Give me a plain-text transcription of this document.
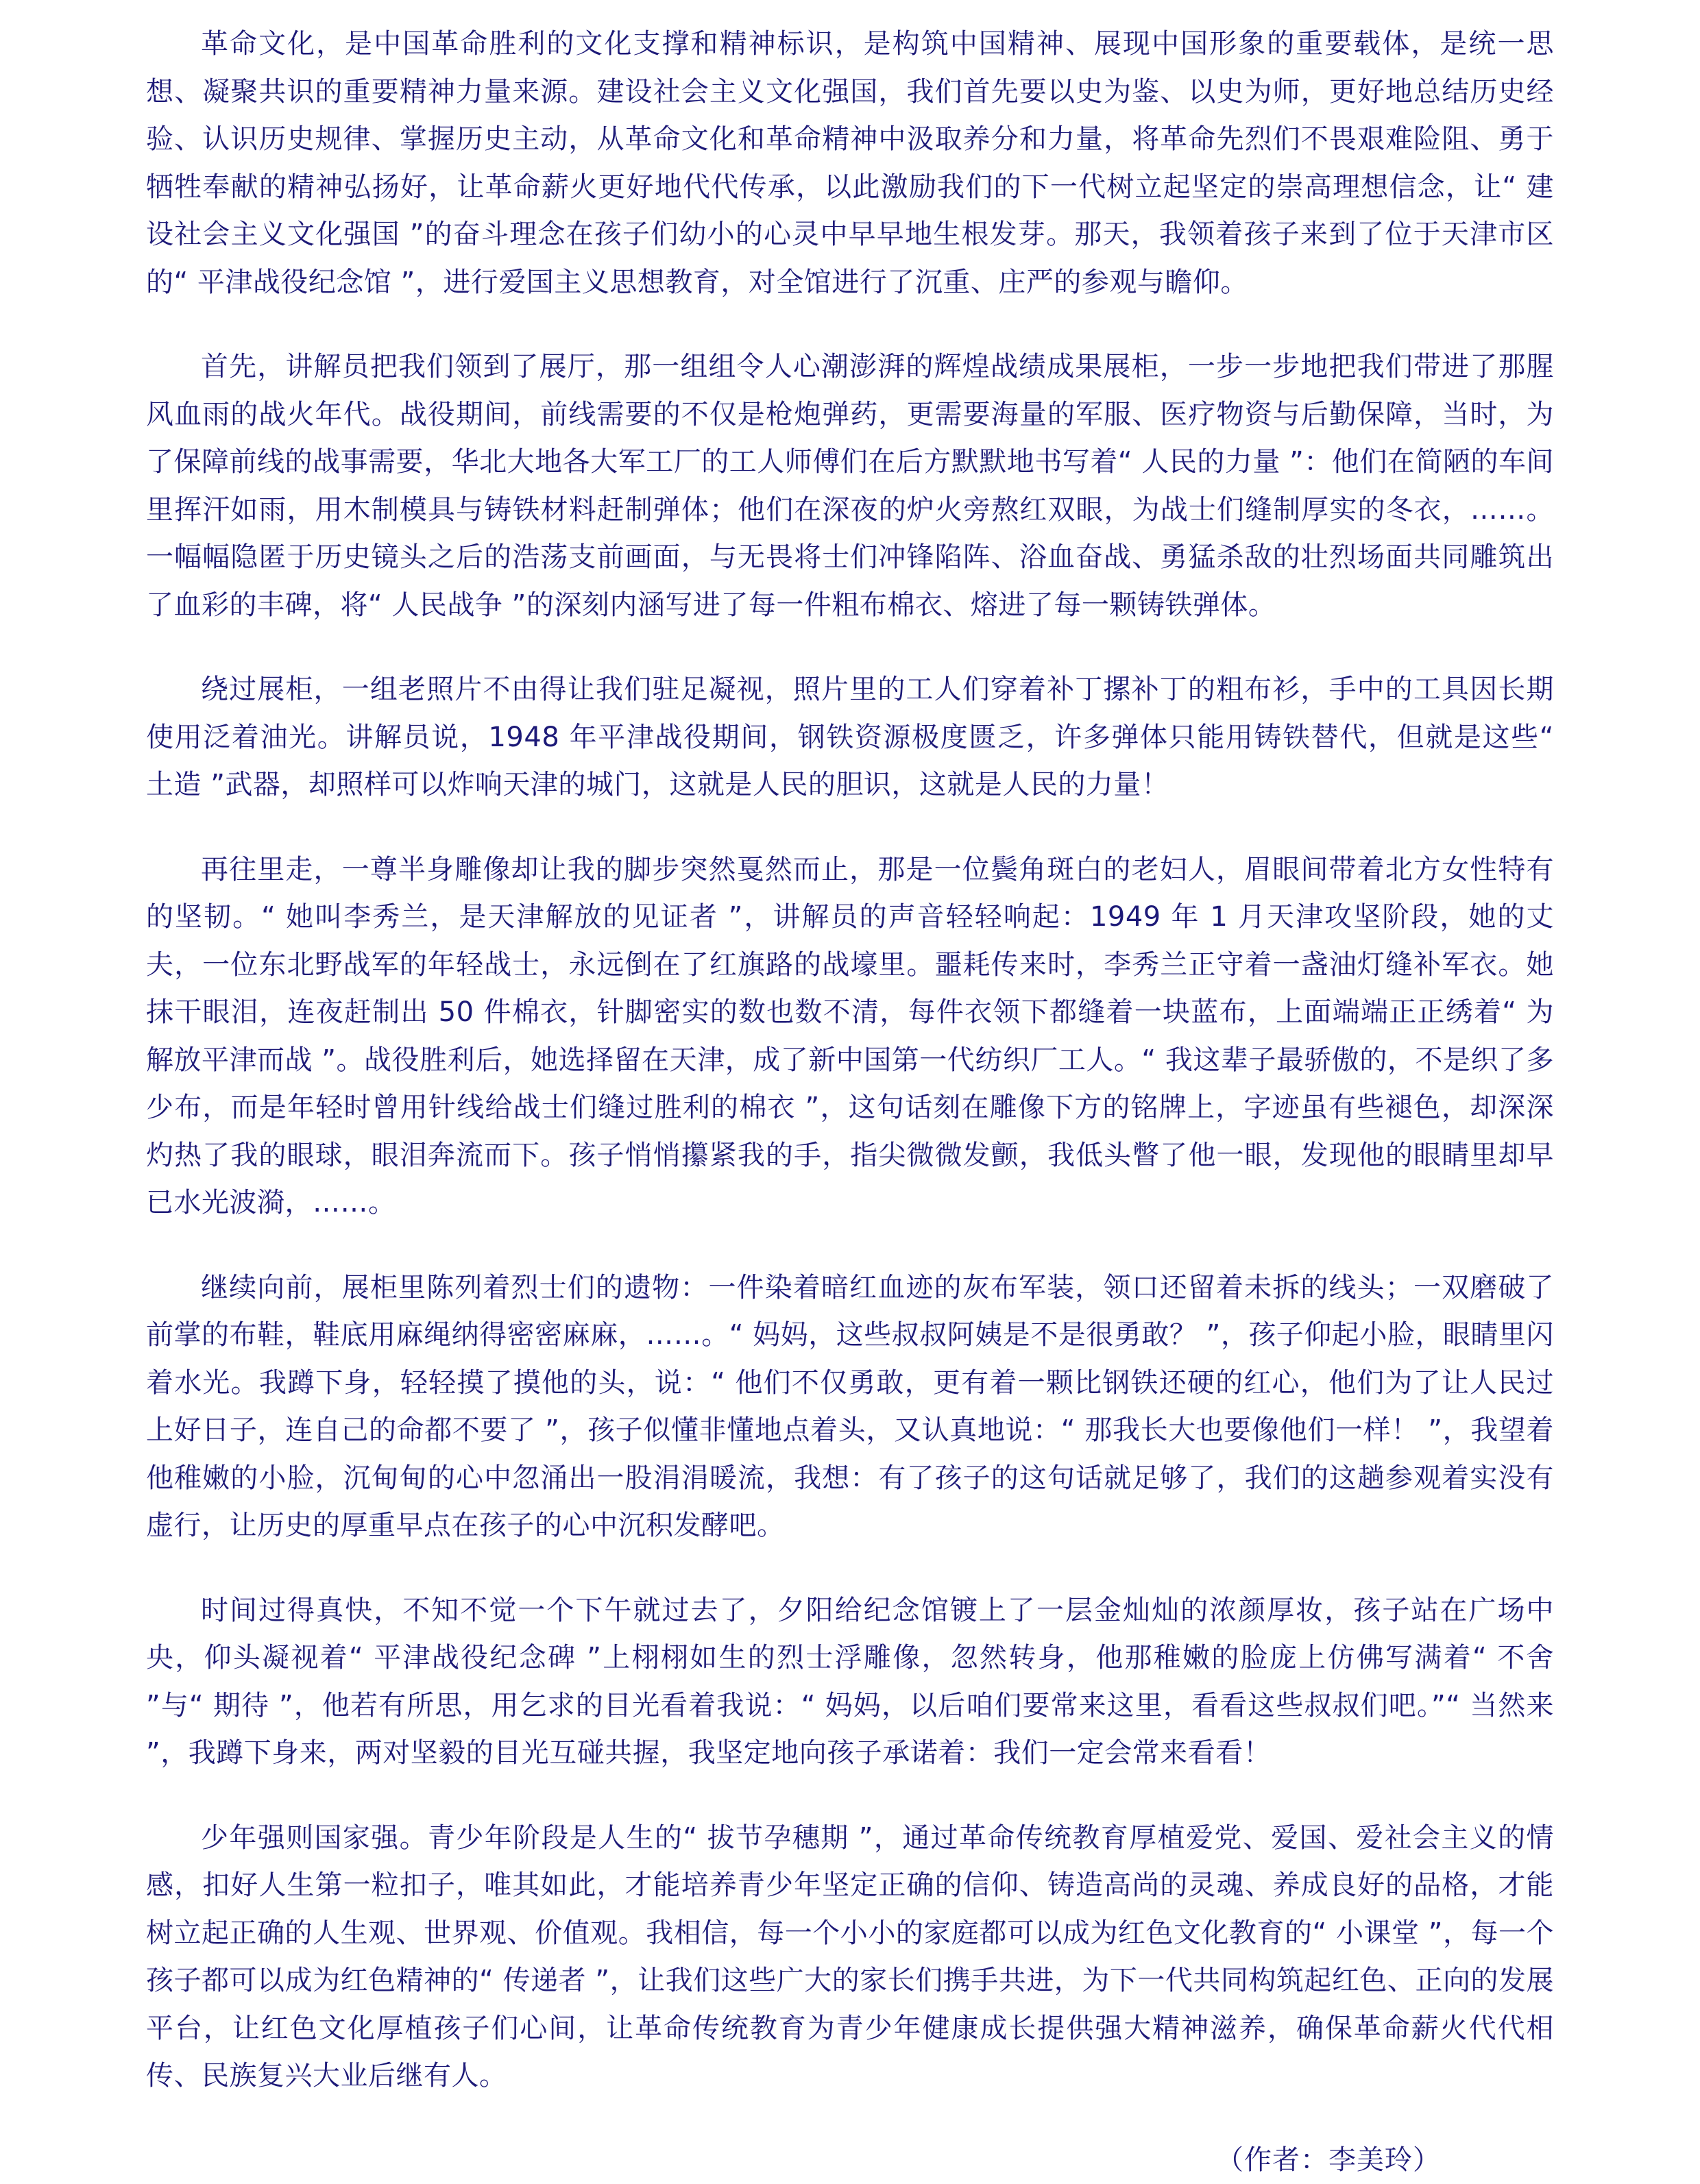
革命文化，是中国革命胜利的文化支撑和精神标识，是构筑中国精神、展现中国形象的重要载体，是统一思想、凝聚共识的重要精神力量来源。建设社会主义文化强国，我们首先要以史为鉴、以史为师，更好地总结历史经验、认识历史规律、掌握历史主动，从革命文化和革命精神中汲取养分和力量，将革命先烈们不畏艰难险阻、勇于牺牲奉献的精神弘扬好，让革命薪火更好地代代传承，以此激励我们的下一代树立起坚定的崇高理想信念，让“ 建设社会主义文化强国 ”的奋斗理念在孩子们幼小的心灵中早早地生根发芽。那天，我领着孩子来到了位于天津市区的“ 平津战役纪念馆 ”，进行爱国主义思想教育，对全馆进行了沉重、庄严的参观与瞻仰。

首先，讲解员把我们领到了展厅，那一组组令人心潮澎湃的辉煌战绩成果展柜，一步一步地把我们带进了那腥风血雨的战火年代。战役期间，前线需要的不仅是枪炮弹药，更需要海量的军服、医疗物资与后勤保障，当时，为了保障前线的战事需要，华北大地各大军工厂的工人师傅们在后方默默地书写着“ 人民的力量 ”：他们在简陋的车间里挥汗如雨，用木制模具与铸铁材料赶制弹体；他们在深夜的炉火旁熬红双眼，为战士们缝制厚实的冬衣，……。一幅幅隐匿于历史镜头之后的浩荡支前画面，与无畏将士们冲锋陷阵、浴血奋战、勇猛杀敌的壮烈场面共同雕筑出了血彩的丰碑，将“ 人民战争 ”的深刻内涵写进了每一件粗布棉衣、熔进了每一颗铸铁弹体。

绕过展柜，一组老照片不由得让我们驻足凝视，照片里的工人们穿着补丁摞补丁的粗布衫，手中的工具因长期使用泛着油光。讲解员说，1948 年平津战役期间，钢铁资源极度匮乏，许多弹体只能用铸铁替代，但就是这些“ 土造 ”武器，却照样可以炸响天津的城门，这就是人民的胆识，这就是人民的力量！

再往里走，一尊半身雕像却让我的脚步突然戛然而止，那是一位鬓角斑白的老妇人，眉眼间带着北方女性特有的坚韧。“ 她叫李秀兰，是天津解放的见证者 ”，讲解员的声音轻轻响起：1949 年 1 月天津攻坚阶段，她的丈夫，一位东北野战军的年轻战士，永远倒在了红旗路的战壕里。噩耗传来时，李秀兰正守着一盏油灯缝补军衣。她抹干眼泪，连夜赶制出 50 件棉衣，针脚密实的数也数不清，每件衣领下都缝着一块蓝布，上面端端正正绣着“ 为解放平津而战 ”。战役胜利后，她选择留在天津，成了新中国第一代纺织厂工人。“ 我这辈子最骄傲的，不是织了多少布，而是年轻时曾用针线给战士们缝过胜利的棉衣 ”，这句话刻在雕像下方的铭牌上，字迹虽有些褪色，却深深灼热了我的眼球，眼泪奔流而下。孩子悄悄攥紧我的手，指尖微微发颤，我低头瞥了他一眼，发现他的眼睛里却早已水光波漪，……。

继续向前，展柜里陈列着烈士们的遗物：一件染着暗红血迹的灰布军装，领口还留着未拆的线头；一双磨破了前掌的布鞋，鞋底用麻绳纳得密密麻麻，……。“ 妈妈，这些叔叔阿姨是不是很勇敢？ ”，孩子仰起小脸，眼睛里闪着水光。我蹲下身，轻轻摸了摸他的头，说：“ 他们不仅勇敢，更有着一颗比钢铁还硬的红心，他们为了让人民过上好日子，连自己的命都不要了 ”，孩子似懂非懂地点着头，又认真地说：“ 那我长大也要像他们一样！ ”，我望着他稚嫩的小脸，沉甸甸的心中忽涌出一股涓涓暖流，我想：有了孩子的这句话就足够了，我们的这趟参观着实没有虚行，让历史的厚重早点在孩子的心中沉积发酵吧。

时间过得真快，不知不觉一个下午就过去了，夕阳给纪念馆镀上了一层金灿灿的浓颜厚妆，孩子站在广场中央，仰头凝视着“ 平津战役纪念碑 ”上栩栩如生的烈士浮雕像，忽然转身，他那稚嫩的脸庞上仿佛写满着“ 不舍 ”与“ 期待 ”，他若有所思，用乞求的目光看着我说：“ 妈妈，以后咱们要常来这里，看看这些叔叔们吧。”“ 当然来 ”，我蹲下身来，两对坚毅的目光互碰共握，我坚定地向孩子承诺着：我们一定会常来看看！

少年强则国家强。青少年阶段是人生的“ 拔节孕穗期 ”，通过革命传统教育厚植爱党、爱国、爱社会主义的情感，扣好人生第一粒扣子，唯其如此，才能培养青少年坚定正确的信仰、铸造高尚的灵魂、养成良好的品格，才能树立起正确的人生观、世界观、价值观。我相信，每一个小小的家庭都可以成为红色文化教育的“ 小课堂 ”，每一个孩子都可以成为红色精神的“ 传递者 ”，让我们这些广大的家长们携手共进，为下一代共同构筑起红色、正向的发展平台，让红色文化厚植孩子们心间，让革命传统教育为青少年健康成长提供强大精神滋养，确保革命薪火代代相传、民族复兴大业后继有人。

（作者：李美玲）
